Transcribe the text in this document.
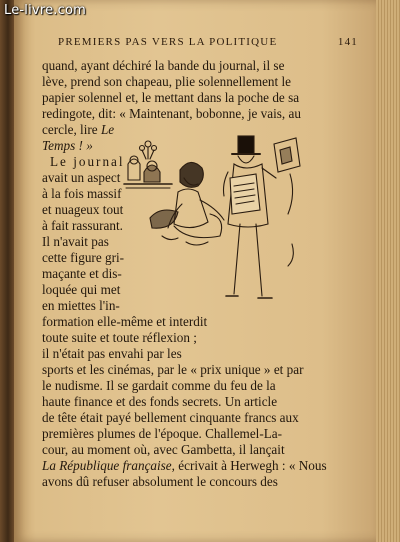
PREMIERS PAS VERS LA POLITIQUE	141
quand, ayant déchiré la bande du journal, il se
lève, prend son chapeau, plie solennellement le
papier solennel et, le mettant dans la poche de sa
redingote, dit: « Maintenant, bobonne, je vais, au
cercle, lire Le
Temps ! »
Le journal
avait un aspect
à la fois massif
et nuageux tout
à fait rassurant.
Il n'avait pas
cette figure gri-
maçante et dis-
loquée qui met
en miettes l'in-
formation elle-même et interdit
toute suite et toute réflexion ;
il n'était pas envahi par les
sports et les cinémas, par le « prix unique » et par
le nudisme. Il se gardait comme du feu de la
haute finance et des fonds secrets. Un article
de tête était payé bellement cinquante francs aux
premières plumes de l'époque. Challemel-La-
cour, au moment où, avec Gambetta, il lançait
La République française, écrivait à Herwegh : « Nous
avons dû refuser absolument le concours des
Le-livre.com
